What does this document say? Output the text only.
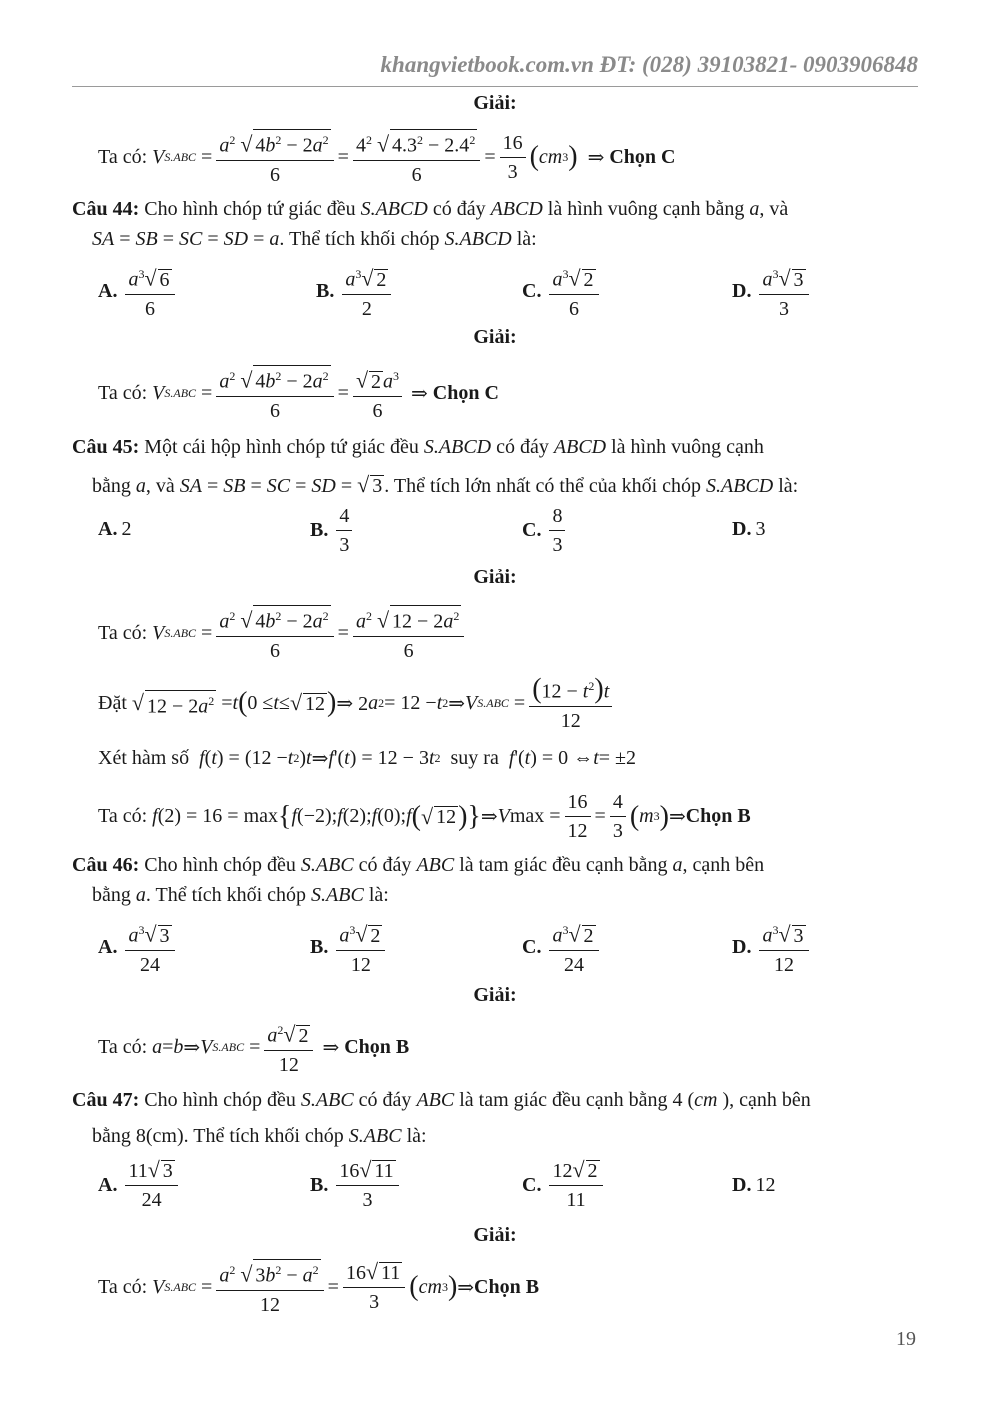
khangvietbook.com.vn ĐT: (028) 39103821- 0903906848
Giải:
Ta có:
V $S.ABC = \frac{a^2 √ 4b^2 - 2a^2}{6} = \frac{4^2 √ 4.3^2 - 2.4^2}{6} = \frac{16}{3}$ ( cm 3 ) ⇒ Chọn C
Câu 44: Cho hình chóp tứ giác đều S.ABCD có đáy ABCD là hình vuông cạnh bằng a, và
SA = SB = SC = SD = a. Thể tích khối chóp S.ABCD là:
A. $\frac{a^3√ 6}{6}$	B. $\frac{a^3√ 2}{2}$	C. $\frac{a^3√ 2}{6}$	D. $\frac{a^3√ 3}{3}$
Giải:
Ta có:
V $S.ABC = \frac{a^2 √ 4b^2 - 2a^2}{6} = \frac{√ 2 a^3}{6}$ ⇒ Chọn C
Câu 45: Một cái hộp hình chóp tứ giác đều S.ABCD có đáy ABCD là hình vuông cạnh
bằng a, và SA = SB = SC = SD = √ 3 . Thể tích lớn nhất có thể của khối chóp S.ABCD là:
A. 2	B. $\frac{4}{3}$	C. $\frac{8}{3}$	D. 3
Giải:
Ta có:
V $S.ABC = \frac{a^2 √ 4b^2 - 2a^2}{6} = \frac{a^2 √ 12 - 2a^2}{6}$
Đặt
√ $12 - 2a^2 = t$ ( 0 ≤ t ≤ √ 12 ) ⇒ 2 a 2 = 12 − t 2 ⇒ V $S.ABC = \frac{(12 - t^2)t}{12}$
Xét hàm số
f ( t ) = (12 − t 2 ) t ⇒ f '( t ) = 12 − 3 t 2
suy ra
f '( t ) = 0 ⇔ t = ±2
Ta có:
f (2) = 16 = max { f (−2); f (2); f (0); f ( √ 12 ) } ⇒ V $\max = \frac{16}{12} = \frac{4}{3}$ ( m 3 ) ⇒ Chọn B
Câu 46: Cho hình chóp đều S.ABC có đáy ABC là tam giác đều cạnh bằng a, cạnh bên
bằng a. Thể tích khối chóp S.ABC là:
A. $\frac{a^3√ 3}{24}$	B. $\frac{a^3√ 2}{12}$	C. $\frac{a^3√ 2}{24}$	D. $\frac{a^3√ 3}{12}$
Giải:
Ta có:
a = b ⇒ V $S.ABC = \frac{a^2√ 2}{12}$ ⇒ Chọn B
Câu 47: Cho hình chóp đều S.ABC có đáy ABC là tam giác đều cạnh bằng 4 (cm ), cạnh bên
bằng 8(cm). Thể tích khối chóp S.ABC là:
A. $\frac{11√ 3}{24}$	B. $\frac{16√ 11}{3}$	C. $\frac{12√ 2}{11}$	D. 12
Giải:
Ta có:
V $S.ABC = \frac{a^2 √ 3b^2 - a^2}{12} = \frac{16√ 11}{3}$ ( cm 3 ) ⇒ Chọn B
19
